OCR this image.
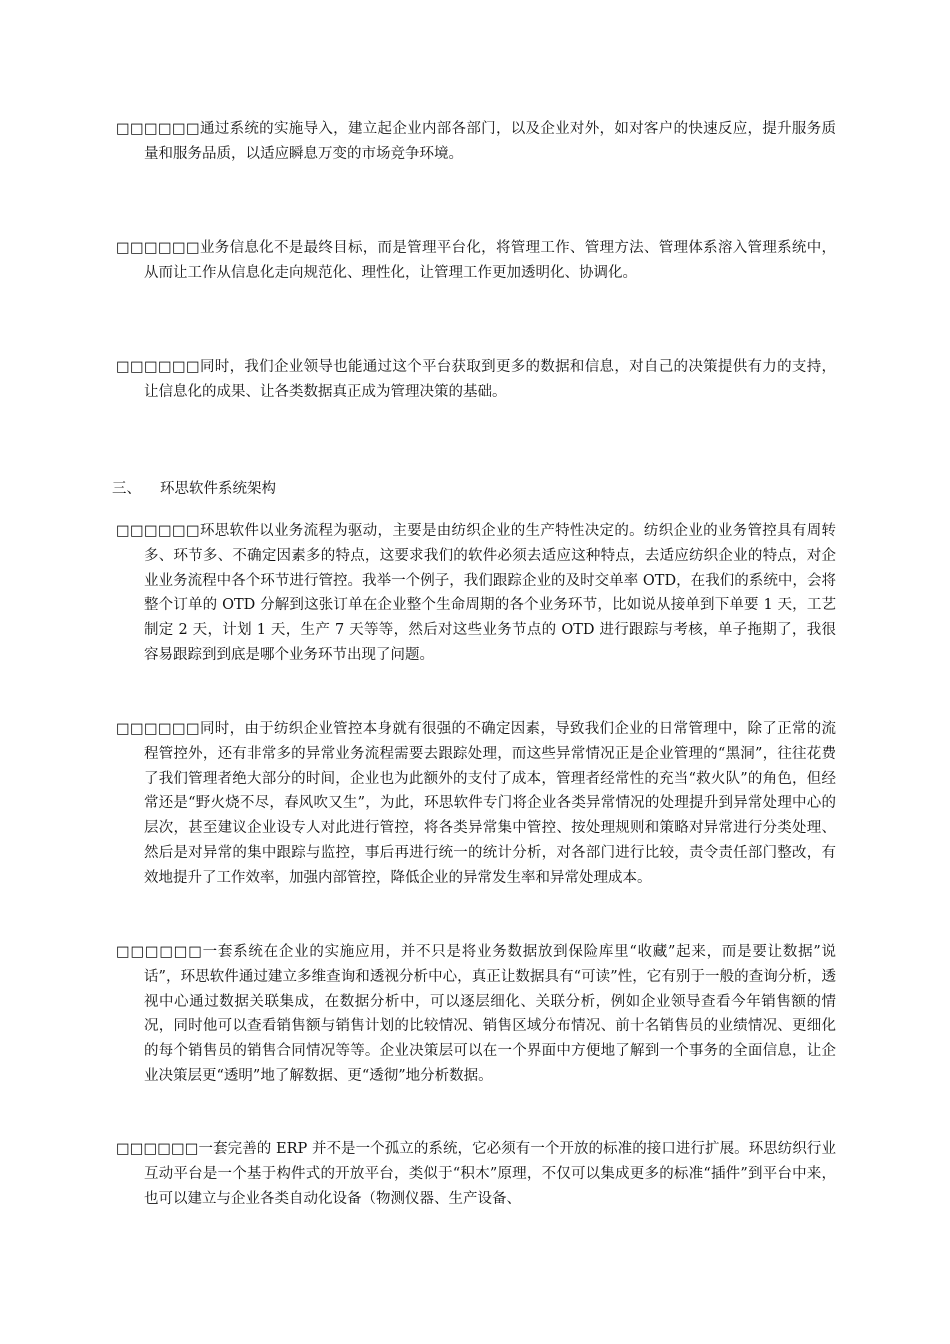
□□□□□□通过系统的实施导入，建立起企业内部各部门，以及企业对外，如对客户的快速反应，提升服务质量和服务品质，以适应瞬息万变的市场竞争环境。

□□□□□□业务信息化不是最终目标，而是管理平台化，将管理工作、管理方法、管理体系溶入管理系统中，从而让工作从信息化走向规范化、理性化，让管理工作更加透明化、协调化。

□□□□□□同时，我们企业领导也能通过这个平台获取到更多的数据和信息，对自己的决策提供有力的支持，让信息化的成果、让各类数据真正成为管理决策的基础。

三、 环思软件系统架构

□□□□□□环思软件以业务流程为驱动，主要是由纺织企业的生产特性决定的。纺织企业的业务管控具有周转多、环节多、不确定因素多的特点，这要求我们的软件必须去适应这种特点，去适应纺织企业的特点，对企业业务流程中各个环节进行管控。我举一个例子，我们跟踪企业的及时交单率 OTD，在我们的系统中，会将整个订单的 OTD 分解到这张订单在企业整个生命周期的各个业务环节，比如说从接单到下单要 1 天，工艺制定 2 天，计划 1 天，生产 7 天等等，然后对这些业务节点的 OTD 进行跟踪与考核，单子拖期了，我很容易跟踪到到底是哪个业务环节出现了问题。

□□□□□□同时，由于纺织企业管控本身就有很强的不确定因素，导致我们企业的日常管理中，除了正常的流程管控外，还有非常多的异常业务流程需要去跟踪处理，而这些异常情况正是企业管理的“黑洞”，往往花费了我们管理者绝大部分的时间，企业也为此额外的支付了成本，管理者经常性的充当“救火队”的角色，但经常还是“野火烧不尽，春风吹又生”，为此，环思软件专门将企业各类异常情况的处理提升到异常处理中心的层次，甚至建议企业设专人对此进行管控，将各类异常集中管控、按处理规则和策略对异常进行分类处理、然后是对异常的集中跟踪与监控，事后再进行统一的统计分析，对各部门进行比较，责令责任部门整改，有效地提升了工作效率，加强内部管控，降低企业的异常发生率和异常处理成本。

□□□□□□一套系统在企业的实施应用，并不只是将业务数据放到保险库里“收藏”起来，而是要让数据”说话”，环思软件通过建立多维查询和透视分析中心，真正让数据具有“可读”性，它有别于一般的查询分析，透视中心通过数据关联集成，在数据分析中，可以逐层细化、关联分析，例如企业领导查看今年销售额的情况，同时他可以查看销售额与销售计划的比较情况、销售区域分布情况、前十名销售员的业绩情况、更细化的每个销售员的销售合同情况等等。企业决策层可以在一个界面中方便地了解到一个事务的全面信息，让企业决策层更“透明”地了解数据、更“透彻”地分析数据。

□□□□□□一套完善的 ERP 并不是一个孤立的系统，它必须有一个开放的标准的接口进行扩展。环思纺织行业互动平台是一个基于构件式的开放平台，类似于“积木”原理，不仅可以集成更多的标准“插件”到平台中来，也可以建立与企业各类自动化设备（物测仪器、生产设备、
